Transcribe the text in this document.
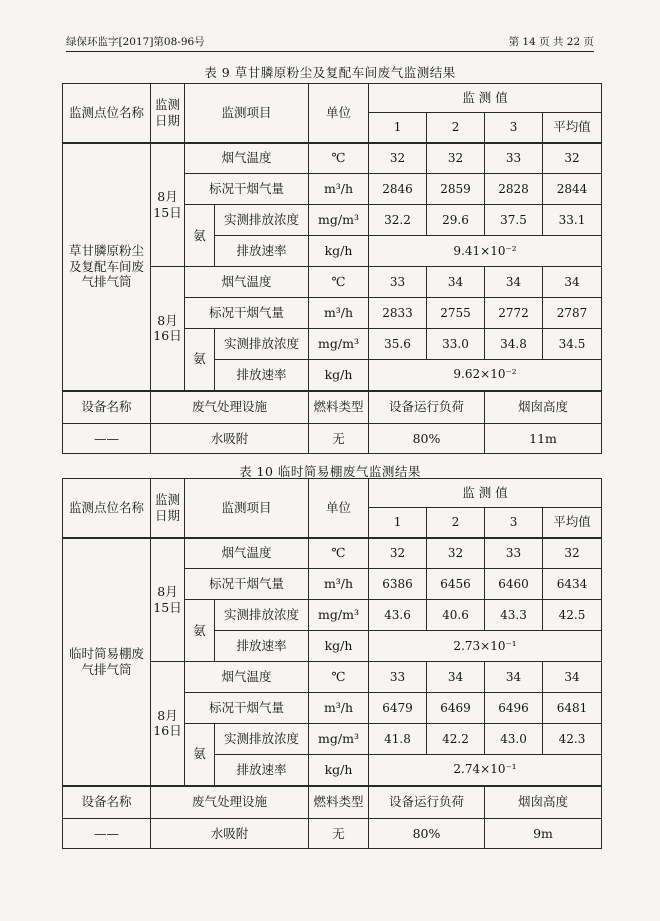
绿保环监字[2017]第08-96号	第 14 页 共 22 页
表 9 草甘膦原粉尘及复配车间废气监测结果
监测点位名称	监测日期	监测项目		单位	监 测 值			
					1	2	3	平均值
草甘膦原粉尘及复配车间废气排气筒	8月15日	烟气温度		℃	32	32	33	32
		标况干烟气量		m³/h	2846	2859	2828	2844
		氨	实测排放浓度	mg/m³	32.2	29.6	37.5	33.1
			排放速率	kg/h	9.41×10⁻²			
	8月16日	烟气温度		℃	33	34	34	34
		标况干烟气量		m³/h	2833	2755	2772	2787
		氨	实测排放浓度	mg/m³	35.6	33.0	34.8	34.5
			排放速率	kg/h	9.62×10⁻²			
设备名称	废气处理设施			燃料类型	设备运行负荷		烟囱高度	
——	水吸附			无	80%		11m	
表 10 临时简易棚废气监测结果
监测点位名称	监测日期	监测项目		单位	监 测 值			
					1	2	3	平均值
临时简易棚废气排气筒	8月15日	烟气温度		℃	32	32	33	32
		标况干烟气量		m³/h	6386	6456	6460	6434
		氨	实测排放浓度	mg/m³	43.6	40.6	43.3	42.5
			排放速率	kg/h	2.73×10⁻¹			
	8月16日	烟气温度		℃	33	34	34	34
		标况干烟气量		m³/h	6479	6469	6496	6481
		氨	实测排放浓度	mg/m³	41.8	42.2	43.0	42.3
			排放速率	kg/h	2.74×10⁻¹			
设备名称	废气处理设施			燃料类型	设备运行负荷		烟囱高度	
——	水吸附			无	80%		9m	
